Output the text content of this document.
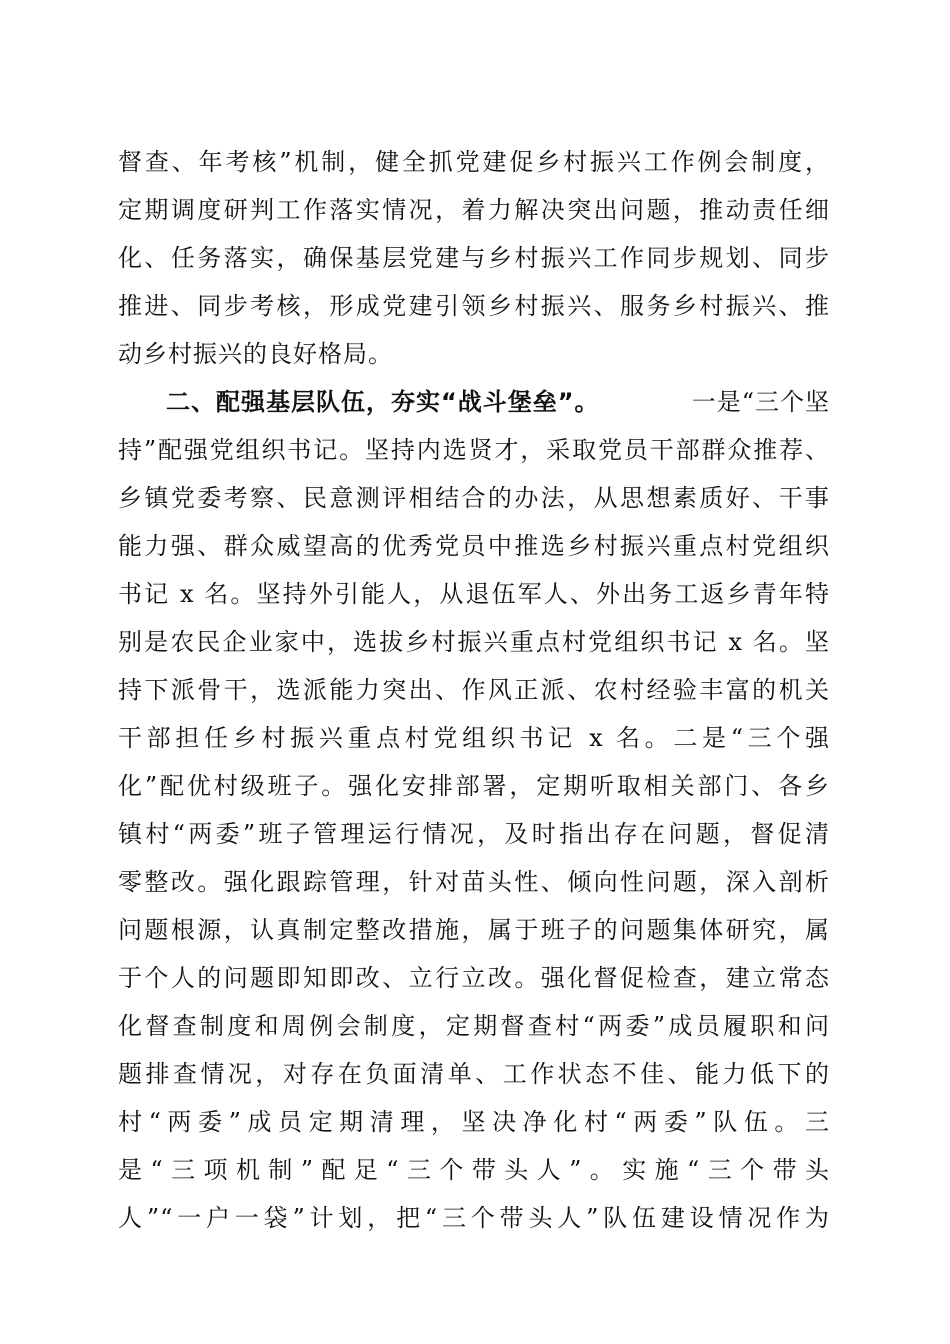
督查、年考核”机制，健全抓党建促乡村振兴工作例会制度，
定期调度研判工作落实情况，着力解决突出问题，推动责任细
化、任务落实，确保基层党建与乡村振兴工作同步规划、同步
推进、同步考核，形成党建引领乡村振兴、服务乡村振兴、推
动乡村振兴的良好格局。
二、配强基层队伍，夯实“战斗堡垒”。	一是“三个坚
持”配强党组织书记。坚持内选贤才，采取党员干部群众推荐、
乡镇党委考察、民意测评相结合的办法，从思想素质好、干事
能力强、群众威望高的优秀党员中推选乡村振兴重点村党组织
书记 x 名。坚持外引能人，从退伍军人、外出务工返乡青年特
别是农民企业家中，选拔乡村振兴重点村党组织书记 x 名。坚
持下派骨干，选派能力突出、作风正派、农村经验丰富的机关
干部担任乡村振兴重点村党组织书记 x 名。二是“三个强
化”配优村级班子。强化安排部署，定期听取相关部门、各乡
镇村“两委”班子管理运行情况，及时指出存在问题，督促清
零整改。强化跟踪管理，针对苗头性、倾向性问题，深入剖析
问题根源，认真制定整改措施，属于班子的问题集体研究，属
于个人的问题即知即改、立行立改。强化督促检查，建立常态
化督查制度和周例会制度，定期督查村“两委”成员履职和问
题排查情况，对存在负面清单、工作状态不佳、能力低下的
村“两委”成员定期清理，坚决净化村“两委”队伍。三
是“三项机制”配足“三个带头人”。实施“三个带头
人”“一户一袋”计划，把“三个带头人”队伍建设情况作为
